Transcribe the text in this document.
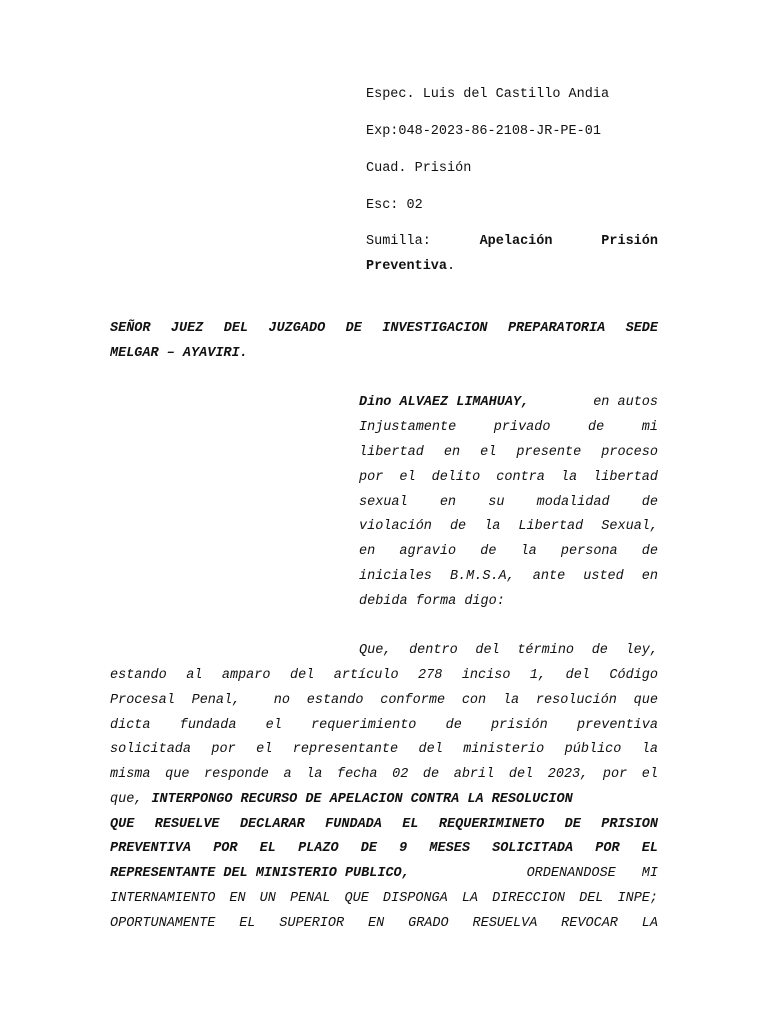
Espec. Luis del Castillo Andia
Exp:048-2023-86-2108-JR-PE-01
Cuad. Prisión
Esc: 02
Sumilla:	Apelación	Prisión
Preventiva.
SEÑOR JUEZ DEL JUZGADO DE INVESTIGACION PREPARATORIA SEDE
MELGAR – AYAVIRI.
Dino ALVAEZ LIMAHUAY,	en autos
Injustamente privado de mi
libertad en el presente proceso
por el delito contra la libertad
sexual en su modalidad de
violación de la Libertad Sexual,
en agravio de la persona de
iniciales B.M.S.A, ante usted en
debida forma digo:
Que, dentro del término de ley,
estando al amparo del artículo 278 inciso 1, del Código
Procesal Penal,  no estando conforme con la resolución que
dicta fundada el requerimiento de prisión preventiva
solicitada por el representante del ministerio público la
misma que responde a la fecha 02 de abril del 2023, por el
que, INTERPONGO RECURSO DE APELACION CONTRA LA RESOLUCION
QUE RESUELVE DECLARAR FUNDADA EL REQUERIMINETO DE PRISION
PREVENTIVA POR EL PLAZO DE 9 MESES SOLICITADA POR EL
REPRESENTANTE DEL MINISTERIO PUBLICO,	ORDENANDOSE MI
INTERNAMIENTO EN UN PENAL QUE DISPONGA LA DIRECCION DEL INPE;
OPORTUNAMENTE EL SUPERIOR EN GRADO RESUELVA REVOCAR LA
